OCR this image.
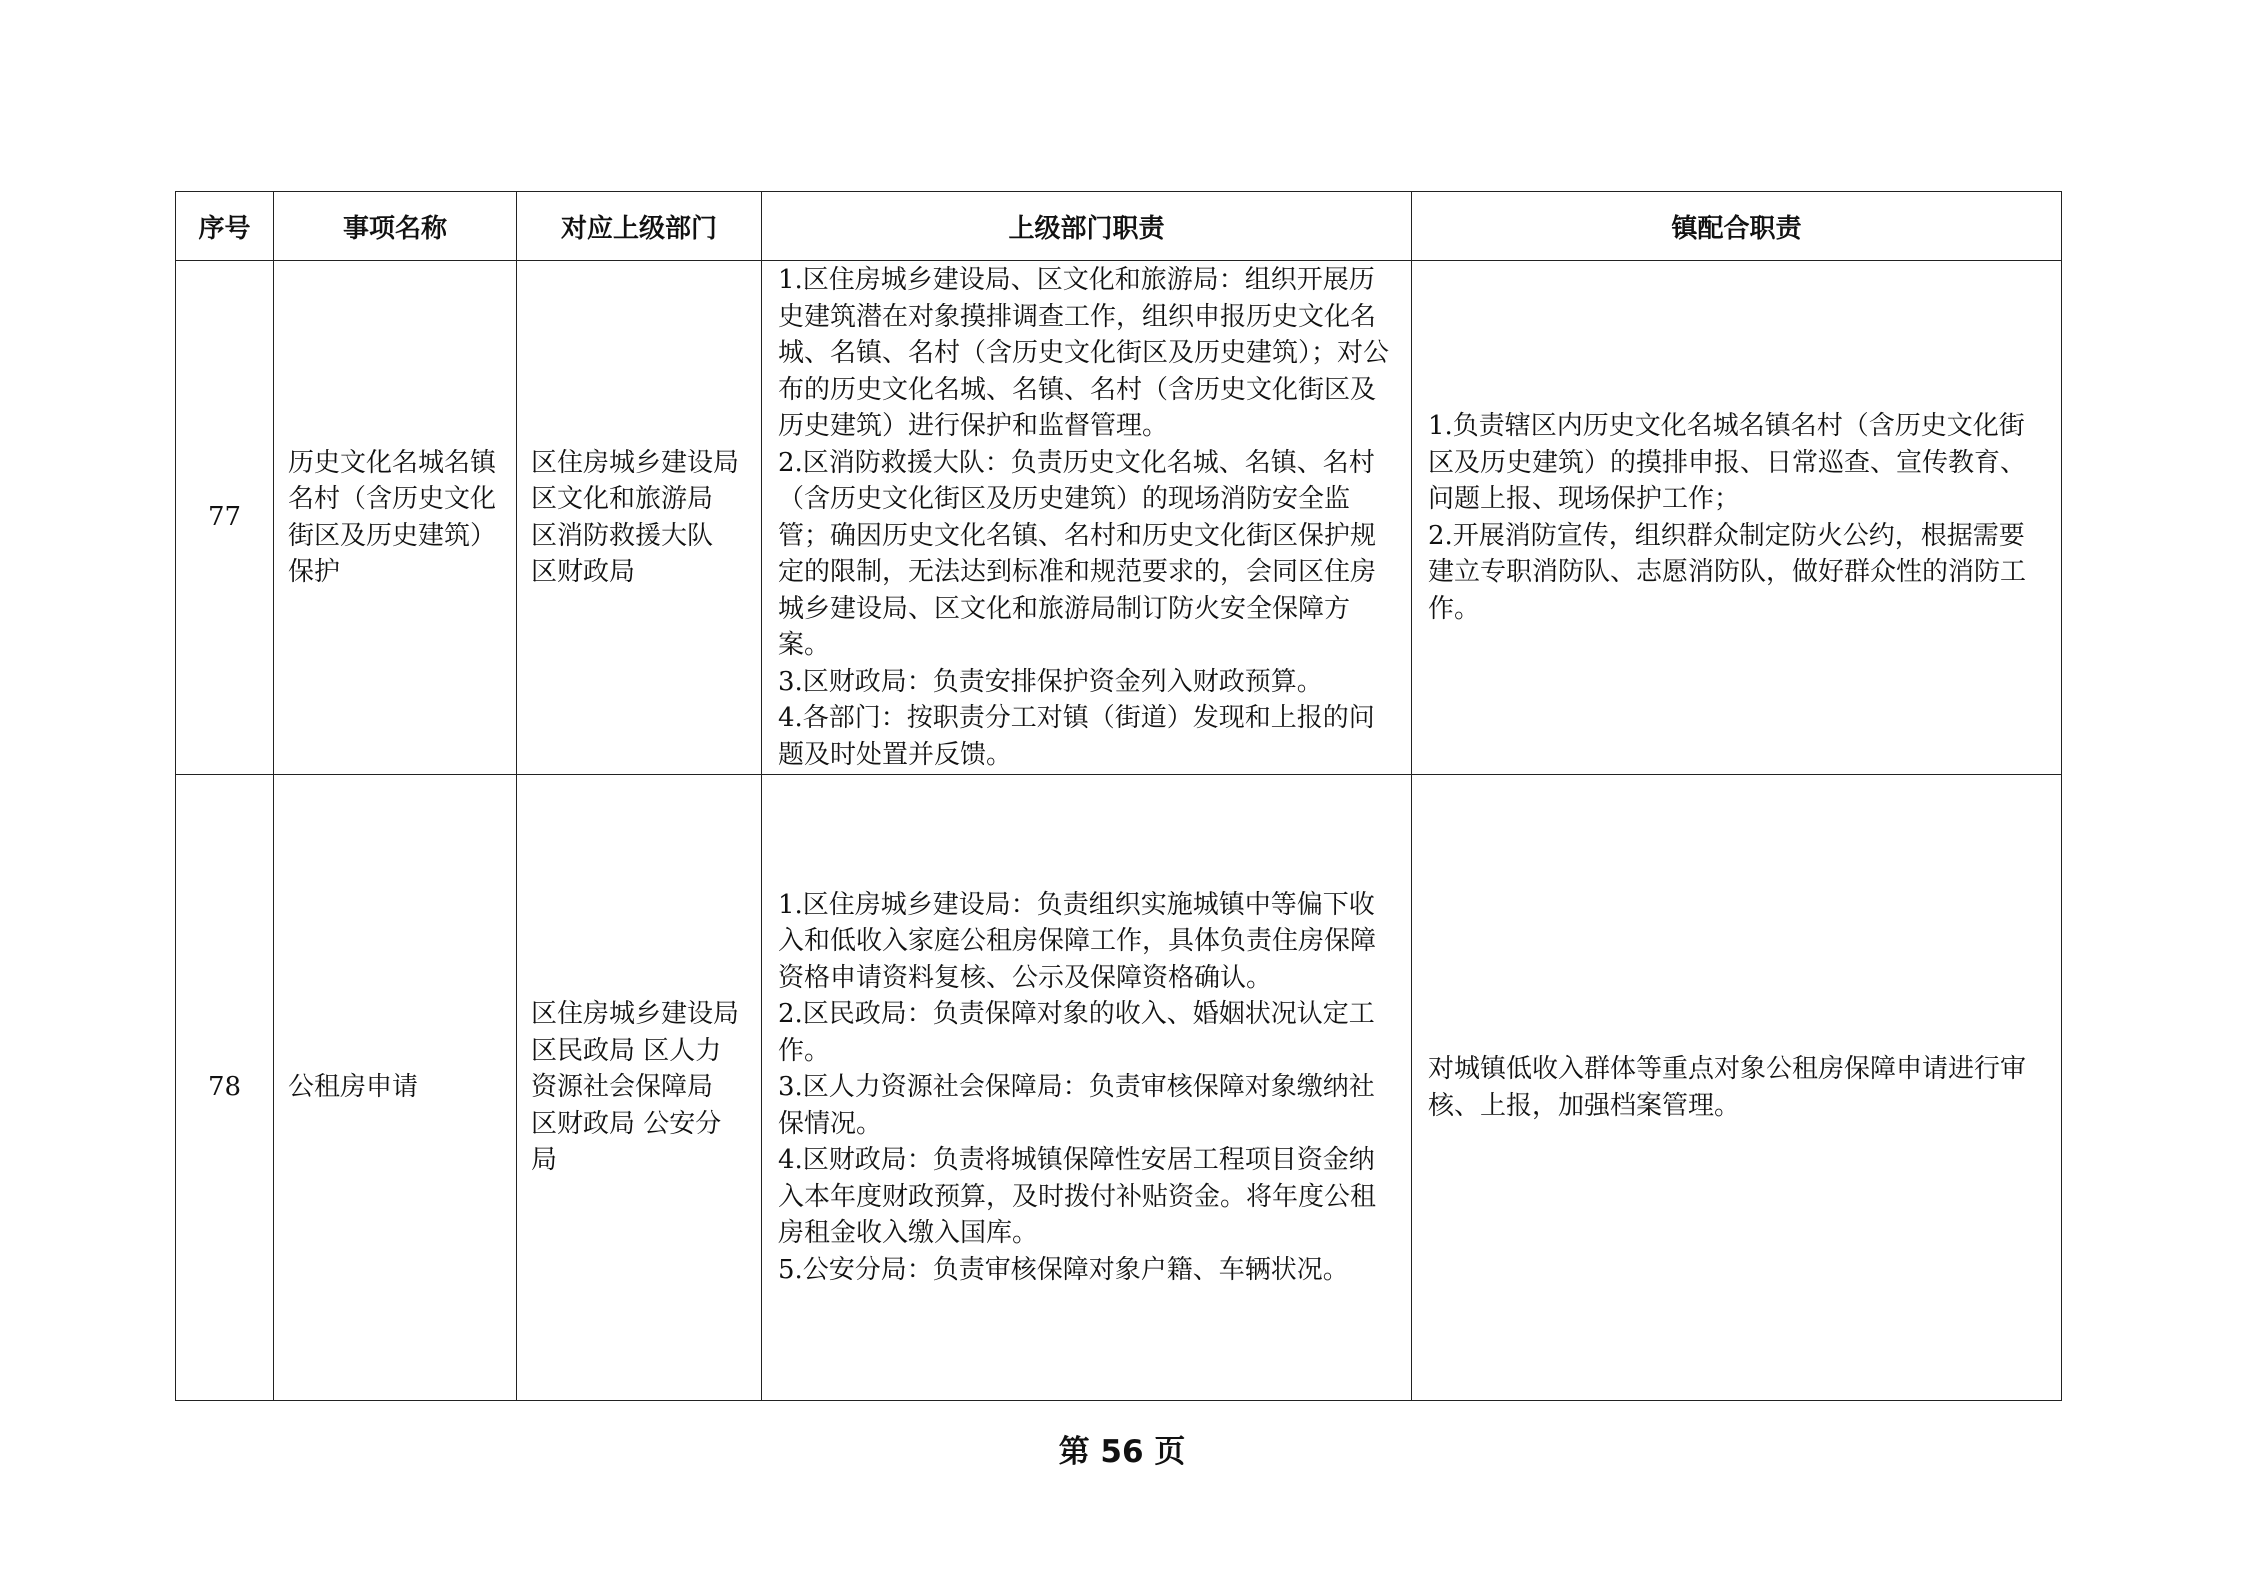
序号	事项名称	对应上级部门	上级部门职责	镇配合职责
77	历史文化名城名镇名村（含历史文化街区及历史建筑）保护	区住房城乡建设局 区文化和旅游局 区消防救援大队 区财政局	1.区住房城乡建设局、区文化和旅游局：组织开展历史建筑潜在对象摸排调查工作，组织申报历史文化名城、名镇、名村（含历史文化街区及历史建筑）；对公布的历史文化名城、名镇、名村（含历史文化街区及历史建筑）进行保护和监督管理。
2.区消防救援大队：负责历史文化名城、名镇、名村（含历史文化街区及历史建筑）的现场消防安全监管；确因历史文化名镇、名村和历史文化街区保护规定的限制，无法达到标准和规范要求的，会同区住房城乡建设局、区文化和旅游局制订防火安全保障方案。
3.区财政局：负责安排保护资金列入财政预算。
4.各部门：按职责分工对镇（街道）发现和上报的问题及时处置并反馈。	1.负责辖区内历史文化名城名镇名村（含历史文化街区及历史建筑）的摸排申报、日常巡查、宣传教育、问题上报、现场保护工作；
2.开展消防宣传，组织群众制定防火公约，根据需要建立专职消防队、志愿消防队，做好群众性的消防工作。

78	公租房申请	区住房城乡建设局 区民政局 区人力资源社会保障局 区财政局 公安分局	1.区住房城乡建设局：负责组织实施城镇中等偏下收入和低收入家庭公租房保障工作，具体负责住房保障资格申请资料复核、公示及保障资格确认。
2.区民政局：负责保障对象的收入、婚姻状况认定工作。
3.区人力资源社会保障局：负责审核保障对象缴纳社保情况。
4.区财政局：负责将城镇保障性安居工程项目资金纳入本年度财政预算，及时拨付补贴资金。将年度公租房租金收入缴入国库。
5.公安分局：负责审核保障对象户籍、车辆状况。	对城镇低收入群体等重点对象公租房保障申请进行审核、上报，加强档案管理。
第 56 页
